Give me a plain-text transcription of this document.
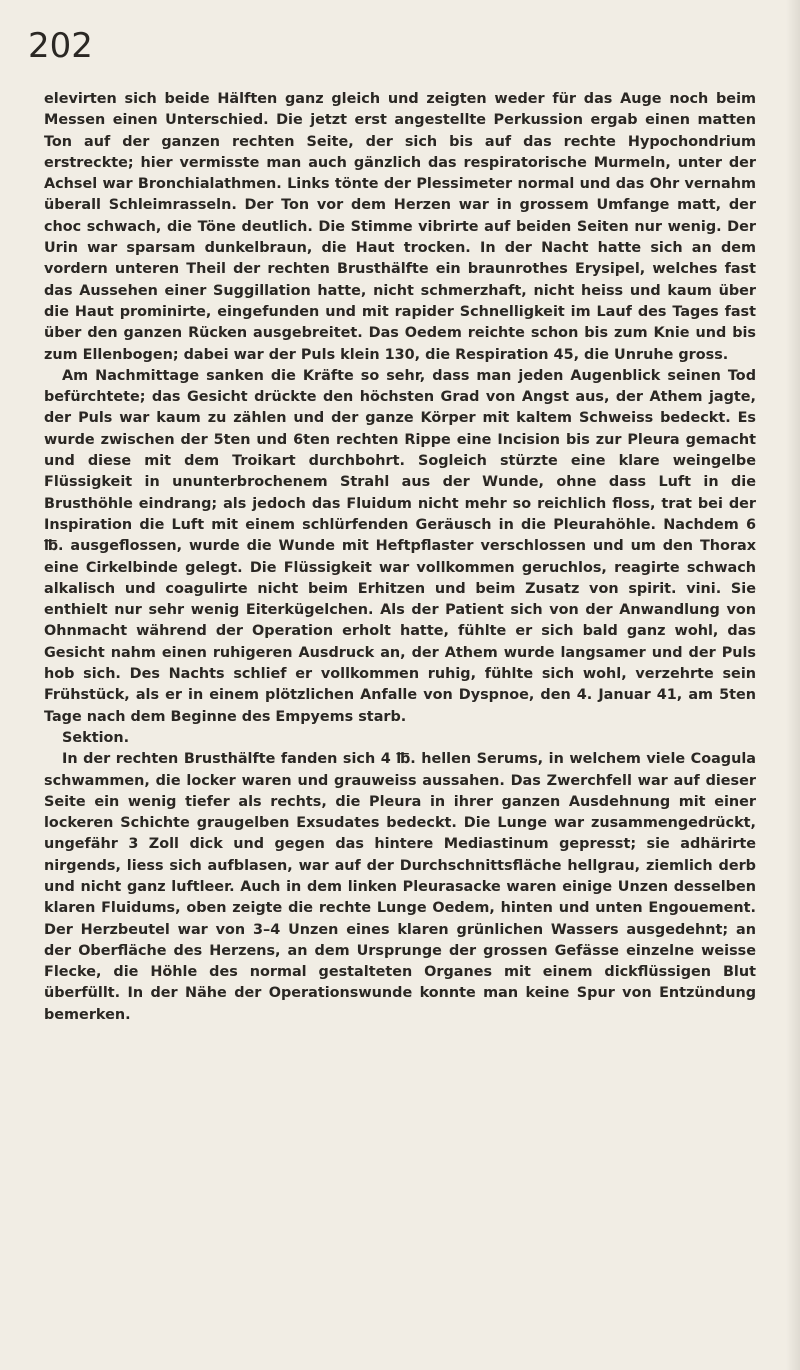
202

elevirten sich beide Hälften ganz gleich und zeigten weder für das Auge noch beim Messen einen Unterschied. Die jetzt erst angestellte Perkussion ergab einen matten Ton auf der ganzen rechten Seite, der sich bis auf das rechte Hypochondrium erstreckte; hier vermisste man auch gänzlich das respiratorische Murmeln, unter der Achsel war Bronchialathmen. Links tönte der Plessimeter normal und das Ohr vernahm überall Schleimrasseln. Der Ton vor dem Herzen war in grossem Umfange matt, der choc schwach, die Töne deutlich. Die Stimme vibrirte auf beiden Seiten nur wenig. Der Urin war sparsam dunkelbraun, die Haut trocken. In der Nacht hatte sich an dem vordern unteren Theil der rechten Brusthälfte ein braunrothes Erysipel, welches fast das Aussehen einer Suggillation hatte, nicht schmerzhaft, nicht heiss und kaum über die Haut prominirte, eingefunden und mit rapider Schnelligkeit im Lauf des Tages fast über den ganzen Rücken ausgebreitet. Das Oedem reichte schon bis zum Knie und bis zum Ellenbogen; dabei war der Puls klein 130, die Respiration 45, die Unruhe gross.

Am Nachmittage sanken die Kräfte so sehr, dass man jeden Augenblick seinen Tod befürchtete; das Gesicht drückte den höchsten Grad von Angst aus, der Athem jagte, der Puls war kaum zu zählen und der ganze Körper mit kaltem Schweiss bedeckt. Es wurde zwischen der 5ten und 6ten rechten Rippe eine Incision bis zur Pleura gemacht und diese mit dem Troikart durchbohrt. Sogleich stürzte eine klare weingelbe Flüssigkeit in ununterbrochenem Strahl aus der Wunde, ohne dass Luft in die Brusthöhle eindrang; als jedoch das Fluidum nicht mehr so reichlich floss, trat bei der Inspiration die Luft mit einem schlürfenden Geräusch in die Pleurahöhle. Nachdem 6 ℔. ausgeflossen, wurde die Wunde mit Heftpflaster verschlossen und um den Thorax eine Cirkelbinde gelegt. Die Flüssigkeit war vollkommen geruchlos, reagirte schwach alkalisch und coagulirte nicht beim Erhitzen und beim Zusatz von spirit. vini. Sie enthielt nur sehr wenig Eiterkügelchen. Als der Patient sich von der Anwandlung von Ohnmacht während der Operation erholt hatte, fühlte er sich bald ganz wohl, das Gesicht nahm einen ruhigeren Ausdruck an, der Athem wurde langsamer und der Puls hob sich. Des Nachts schlief er vollkommen ruhig, fühlte sich wohl, verzehrte sein Frühstück, als er in einem plötzlichen Anfalle von Dyspnoe, den 4. Januar 41, am 5ten Tage nach dem Beginne des Empyems starb.

Sektion.

In der rechten Brusthälfte fanden sich 4 ℔. hellen Serums, in welchem viele Coagula schwammen, die locker waren und grauweiss aussahen. Das Zwerchfell war auf dieser Seite ein wenig tiefer als rechts, die Pleura in ihrer ganzen Ausdehnung mit einer lockeren Schichte graugelben Exsudates bedeckt. Die Lunge war zusammengedrückt, ungefähr 3 Zoll dick und gegen das hintere Mediastinum gepresst; sie adhärirte nirgends, liess sich aufblasen, war auf der Durchschnittsfläche hellgrau, ziemlich derb und nicht ganz luftleer. Auch in dem linken Pleurasacke waren einige Unzen desselben klaren Fluidums, oben zeigte die rechte Lunge Oedem, hinten und unten Engouement. Der Herzbeutel war von 3–4 Unzen eines klaren grünlichen Wassers ausgedehnt; an der Oberfläche des Herzens, an dem Ursprunge der grossen Gefässe einzelne weisse Flecke, die Höhle des normal gestalteten Organes mit einem dickflüssigen Blut überfüllt. In der Nähe der Operationswunde konnte man keine Spur von Entzündung bemerken.
